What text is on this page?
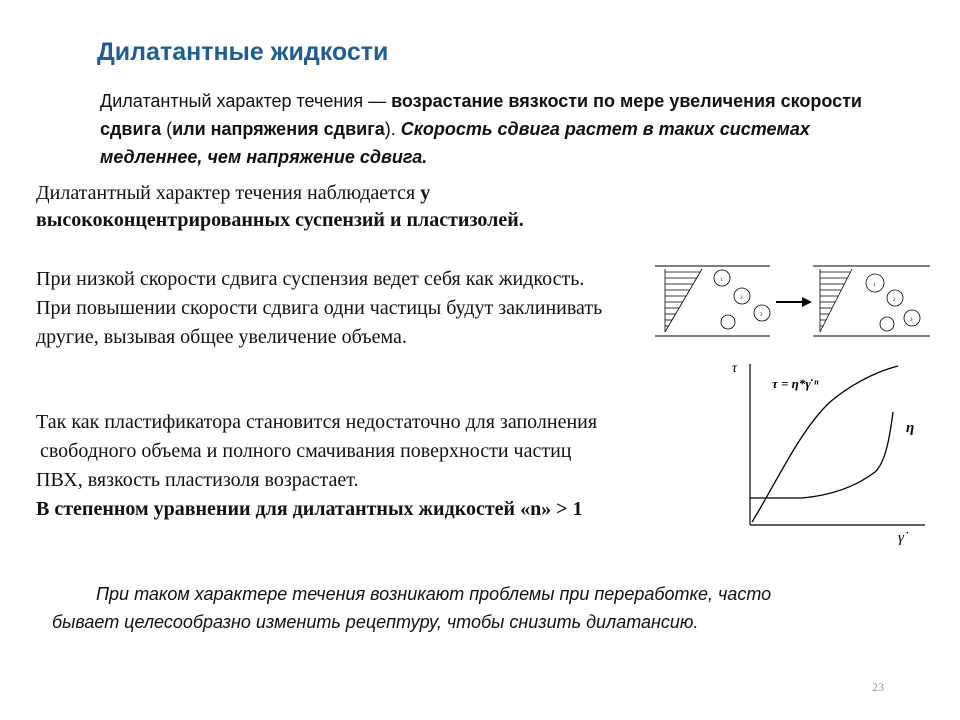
Дилатантные жидкости
Дилатантный характер течения — возрастание вязкости по мере увеличения скорости сдвига (или напряжения сдвига). Скорость сдвига растет в таких системах медленнее, чем напряжение сдвига.
Дилатантный характер течения наблюдается у высококонцентрированных суспензий и пластизолей.
При низкой скорости сдвига суспензия ведет себя как жидкость.
При повышении скорости сдвига одни частицы будут заклинивать другие, вызывая общее увеличение объема.
Так как пластификатора становится недостаточно для заполнения
свободного объема и полного смачивания поверхности частиц
ПВХ, вязкость пластизоля возрастает.
В степенном уравнении для дилатантных жидкостей «n» > 1
При таком характере течения возникают проблемы при переработке, часто
бывает целесообразно изменить рецептуру, чтобы снизить дилатансию.
23
1
2
3
1
2
3
τ
γ̇
τ = η*γ̇ ⁿ
η
